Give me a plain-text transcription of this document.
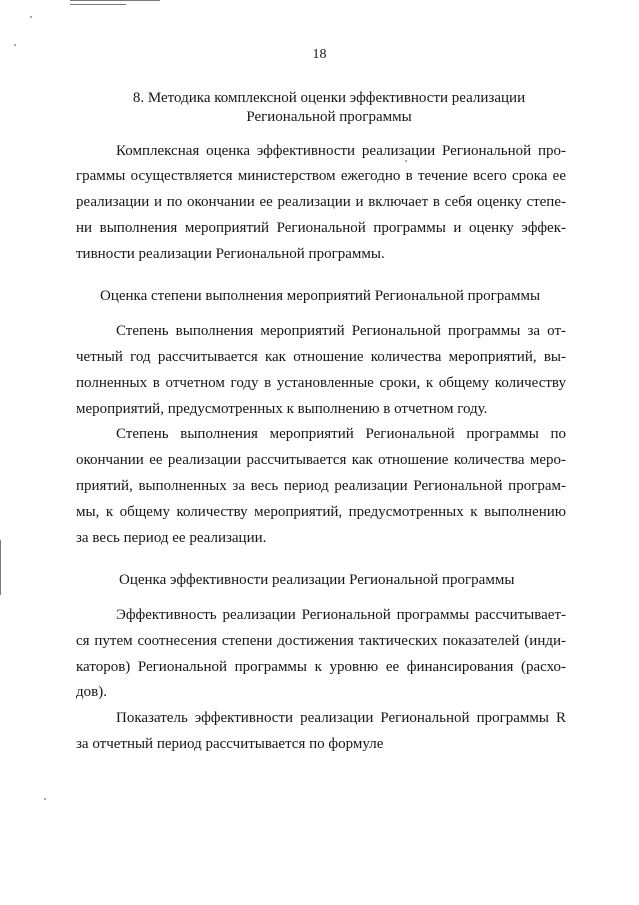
18
8. Методика комплексной оценки эффективности реализации
Региональной программы
Комплексная оценка эффективности реализации Региональной про-
граммы осуществляется министерством ежегодно в течение всего срока ее
реализации и по окончании ее реализации и включает в себя оценку степе-
ни выполнения мероприятий Региональной программы и оценку эффек-
тивности реализации Региональной программы.
Оценка степени выполнения мероприятий Региональной программы
Степень выполнения мероприятий Региональной программы за от-
четный год рассчитывается как отношение количества мероприятий, вы-
полненных в отчетном году в установленные сроки, к общему количеству
мероприятий, предусмотренных к выполнению в отчетном году.
Степень выполнения мероприятий Региональной программы по
окончании ее реализации рассчитывается как отношение количества меро-
приятий, выполненных за весь период реализации Региональной програм-
мы, к общему количеству мероприятий, предусмотренных к выполнению
за весь период ее реализации.
Оценка эффективности реализации Региональной программы
Эффективность реализации Региональной программы рассчитывает-
ся путем соотнесения степени достижения тактических показателей (инди-
каторов) Региональной программы к уровню ее финансирования (расхо-
дов).
Показатель эффективности реализации Региональной программы R
за отчетный период рассчитывается по формуле
